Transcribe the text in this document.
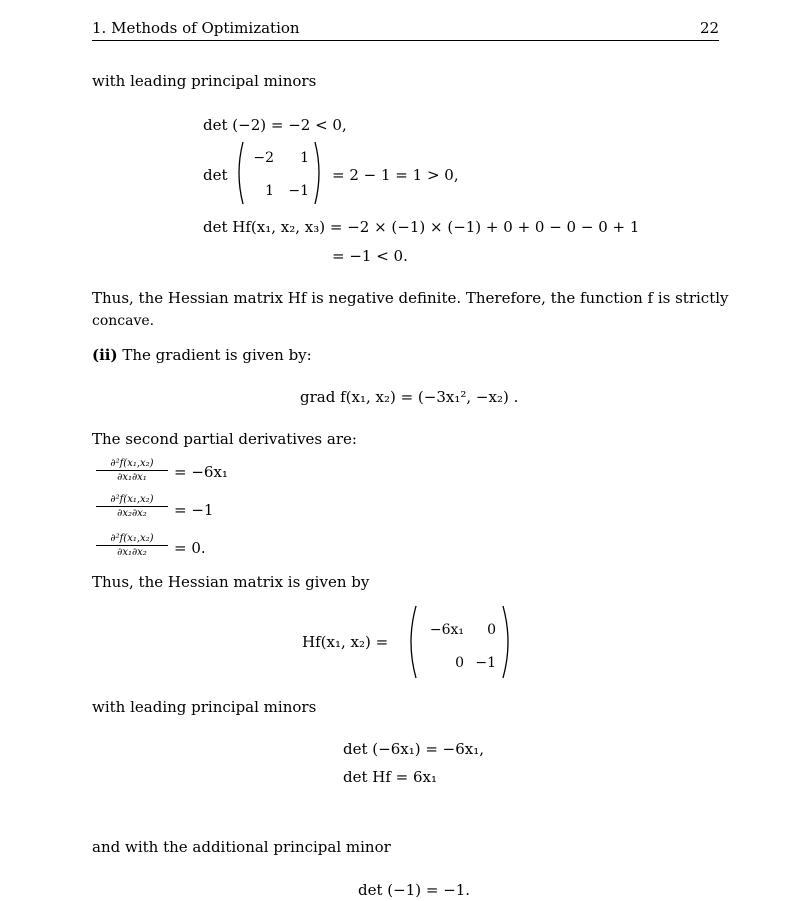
1. Methods of Optimization	22
with leading principal minors
det (−2) = −2 < 0,
det
−2	1
1 −1
= 2 − 1 = 1 > 0,
det Hf(x₁, x₂, x₃) = −2 × (−1) × (−1) + 0 + 0 − 0 − 0 + 1
= −1 < 0.
Thus, the Hessian matrix Hf is negative definite. Therefore, the function f is strictly
concave.
(ii) The gradient is given by:
grad f(x₁, x₂) = (−3x₁², −x₂) .
The second partial derivatives are:
∂²f(x₁,x₂)
∂x₁∂x₁	= −6x₁
∂²f(x₁,x₂)
∂x₂∂x₂	= −1
∂²f(x₁,x₂)
∂x₁∂x₂	= 0.
Thus, the Hessian matrix is given by
Hf(x₁, x₂) =
−6x₁	0
0 −1
with leading principal minors
det (−6x₁) = −6x₁,
det Hf = 6x₁
and with the additional principal minor
det (−1) = −1.
